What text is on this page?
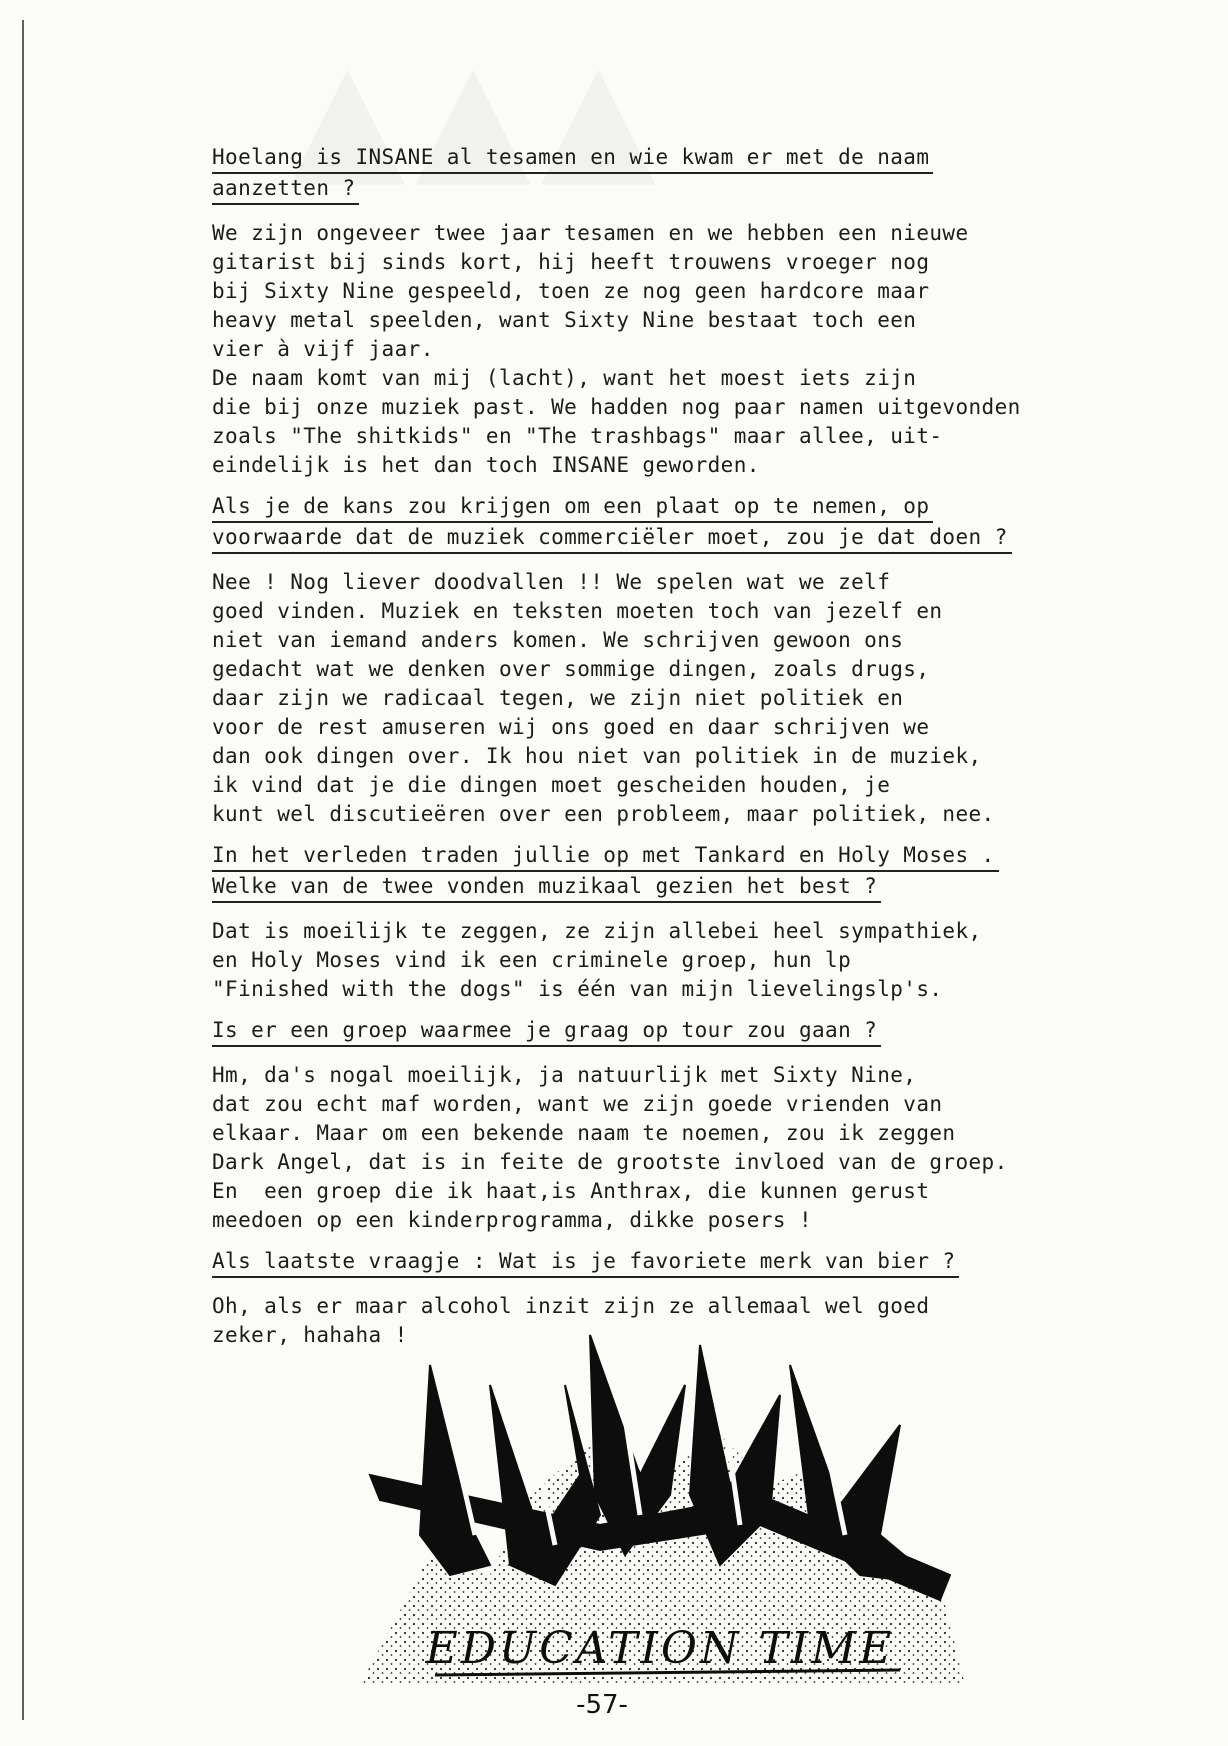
Hoelang is INSANE al tesamen en wie kwam er met de naam
aanzetten ?
We zijn ongeveer twee jaar tesamen en we hebben een nieuwe
gitarist bij sinds kort, hij heeft trouwens vroeger nog
bij Sixty Nine gespeeld, toen ze nog geen hardcore maar
heavy metal speelden, want Sixty Nine bestaat toch een
vier à vijf jaar.
De naam komt van mij (lacht), want het moest iets zijn
die bij onze muziek past. We hadden nog paar namen uitgevonden
zoals "The shitkids" en "The trashbags" maar allee, uit-
eindelijk is het dan toch INSANE geworden.
Als je de kans zou krijgen om een plaat op te nemen, op
voorwaarde dat de muziek commerciëler moet, zou je dat doen ?
Nee ! Nog liever doodvallen !! We spelen wat we zelf
goed vinden. Muziek en teksten moeten toch van jezelf en
niet van iemand anders komen. We schrijven gewoon ons
gedacht wat we denken over sommige dingen, zoals drugs,
daar zijn we radicaal tegen, we zijn niet politiek en
voor de rest amuseren wij ons goed en daar schrijven we
dan ook dingen over. Ik hou niet van politiek in de muziek,
ik vind dat je die dingen moet gescheiden houden, je
kunt wel discutieëren over een probleem, maar politiek, nee.
In het verleden traden jullie op met Tankard en Holy Moses .
Welke van de twee vonden muzikaal gezien het best ?
Dat is moeilijk te zeggen, ze zijn allebei heel sympathiek,
en Holy Moses vind ik een criminele groep, hun lp
"Finished with the dogs" is één van mijn lievelingslp's.
Is er een groep waarmee je graag op tour zou gaan ?
Hm, da's nogal moeilijk, ja natuurlijk met Sixty Nine,
dat zou echt maf worden, want we zijn goede vrienden van
elkaar. Maar om een bekende naam te noemen, zou ik zeggen
Dark Angel, dat is in feite de grootste invloed van de groep.
En  een groep die ik haat,is Anthrax, die kunnen gerust
meedoen op een kinderprogramma, dikke posers !
Als laatste vraagje : Wat is je favoriete merk van bier ?
Oh, als er maar alcohol inzit zijn ze allemaal wel goed
zeker, hahaha !
EDUCATION TIME
-57-
